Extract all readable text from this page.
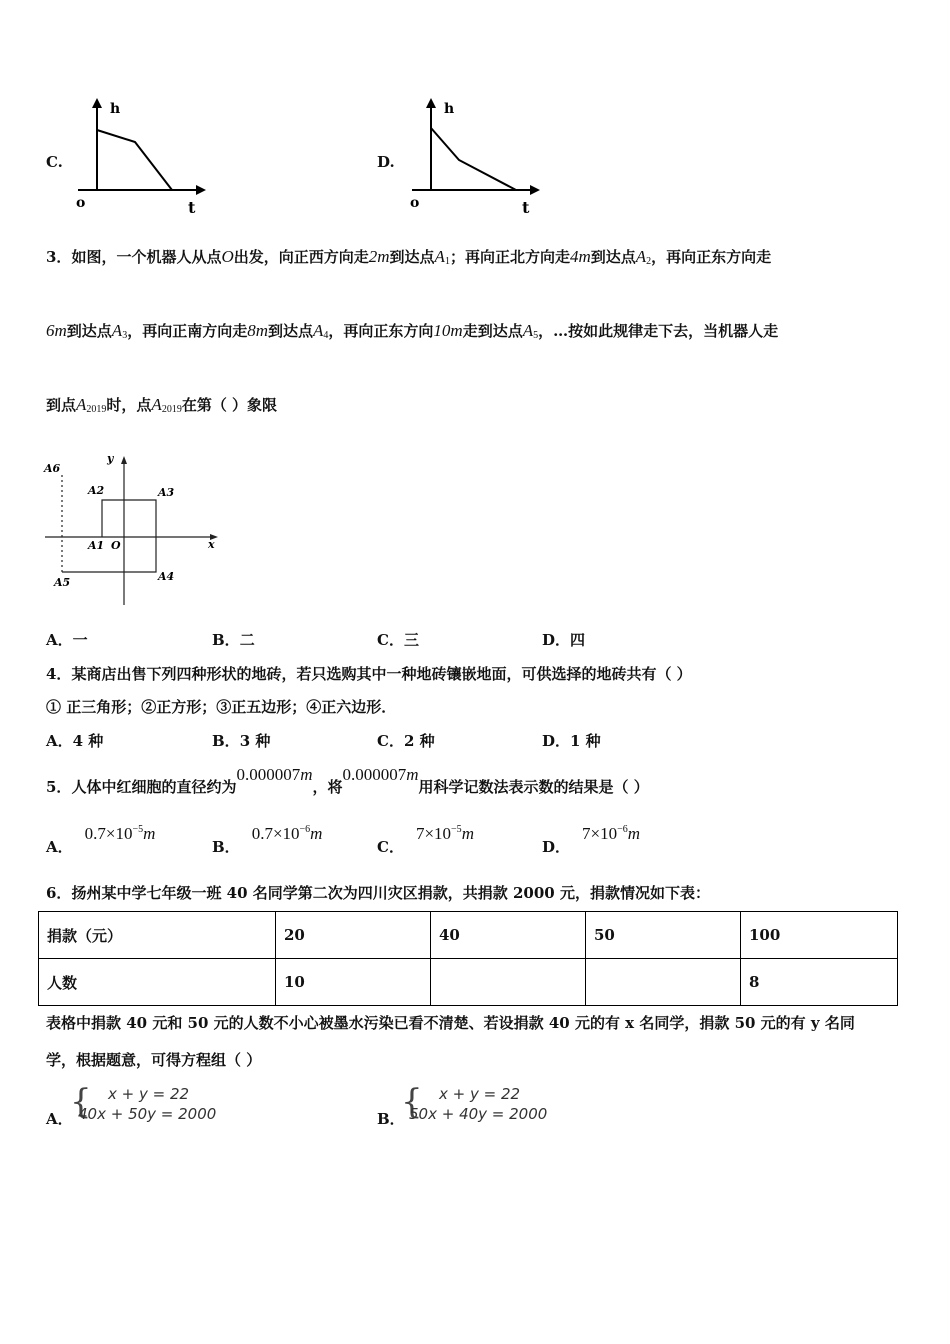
C.
h
o	t
D.
h
o	t
3．如图，一个机器人从点O出发，向正西方向走2m到达点$A_1$；再向正北方向走4m到达点$A_2$，再向正东方向走
6m到达点$A_3$，再向正南方向走8m到达点$A_4$，再向正东方向10m走到达点$A_5$，…按如此规律走下去，当机器人走
到点$A_{2019}$时，点$A_{2019}$在第（ ）象限
A6
A2	A3
A1 O
A5	A4
x
y
A．一	B．二	C．三	D．四
4．某商店出售下列四种形状的地砖，若只选购其中一种地砖镶嵌地面，可供选择的地砖共有（ ）
① 正三角形；②正方形；③正五边形；④正六边形．
A．4 种	B．3 种	C．2 种	D．1 种
5．人体中红细胞的直径约为0.000007m，将0.000007m用科学记数法表示数的结果是（ ）
A．$0.7\times 10^{-5}m$
B．$0.7\times 10^{-6}m$
C．$7\times 10^{-5}m$
D．$7\times 10^{-6}m$
6．扬州某中学七年级一班 40 名同学第二次为四川灾区捐款，共捐款 2000 元，捐款情况如下表：
捐款（元）	20	40	50	100
人数	10			8
表格中捐款 40 元和 50 元的人数不小心被墨水污染已看不清楚、若设捐款 40 元的有 x 名同学，捐款 50 元的有 y 名同
学，根据题意，可得方程组（ ）
A．
{ x + y = 22
40x + 50y = 2000	B．
{ x + y = 22
50x + 40y = 2000
